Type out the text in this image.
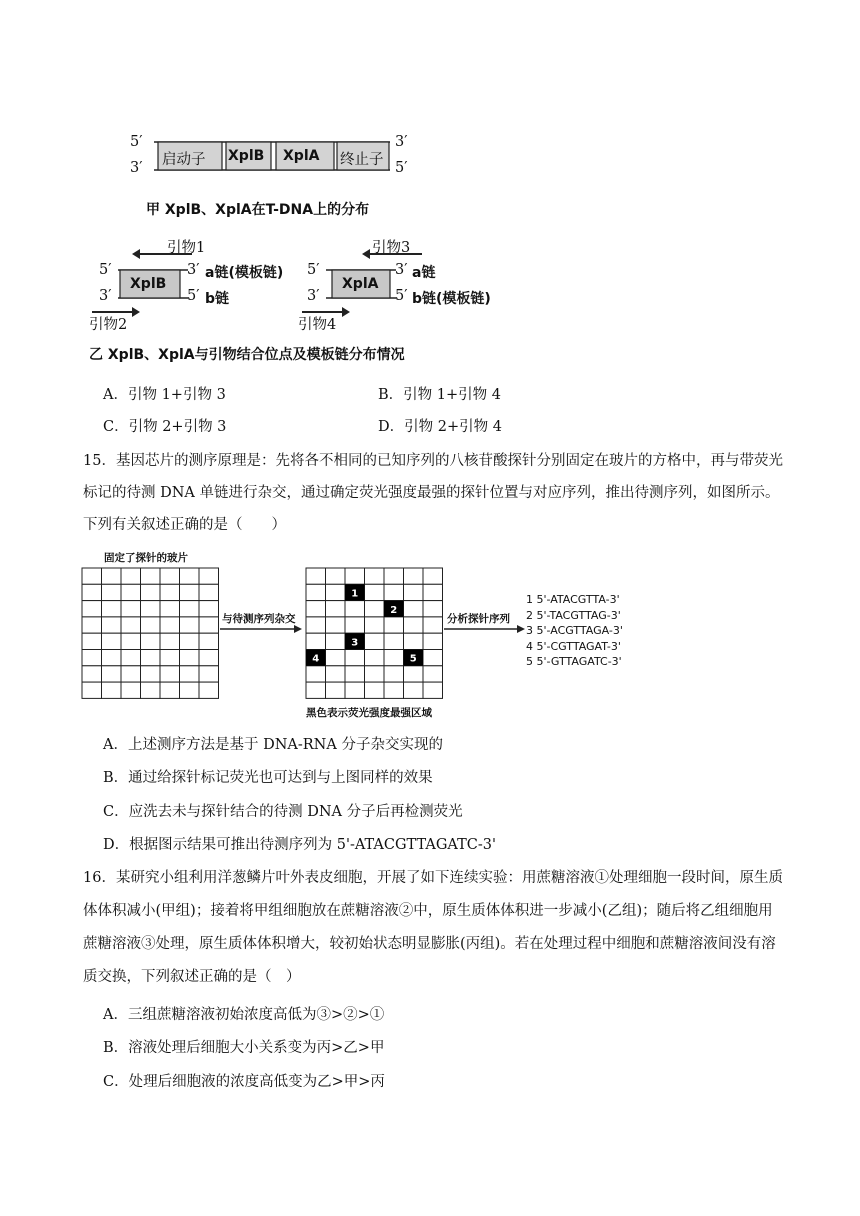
5′	3′
3′	5′
启动子 XplB XplA 终止子
甲 XplB、XplA在T-DNA上的分布
引物1
5′	3′ a链(模板链)
XplB
3′	5′ b链
引物2
引物3
5′	3′ a链
XplA
3′	5′ b链(模板链)
引物4
乙 XplB、XplA与引物结合位点及模板链分布情况
A．引物 1+引物 3	B．引物 1+引物 4
C．引物 2+引物 3	D．引物 2+引物 4
15．基因芯片的测序原理是：先将各不相同的已知序列的八核苷酸探针分别固定在玻片的方格中，再与带荧光标记的待测 DNA 单链进行杂交，通过确定荧光强度最强的探针位置与对应序列，推出待测序列，如图所示。下列有关叙述正确的是（　　）
固定了探针的玻片
1
2
3
4	5
与待测序列杂交	分析探针序列
黑色表示荧光强度最强区域
1 5'-ATACGTTA-3'
2 5'-TACGTTAG-3'
3 5'-ACGTTAGA-3'
4 5'-CGTTAGAT-3'
5 5'-GTTAGATC-3'
A．上述测序方法是基于 DNA-RNA 分子杂交实现的
B．通过给探针标记荧光也可达到与上图同样的效果
C．应洗去未与探针结合的待测 DNA 分子后再检测荧光
D．根据图示结果可推出待测序列为 5'-ATACGTTAGATC-3'
16．某研究小组利用洋葱鳞片叶外表皮细胞，开展了如下连续实验：用蔗糖溶液①处理细胞一段时间，原生质体体积减小(甲组)；接着将甲组细胞放在蔗糖溶液②中，原生质体体积进一步减小(乙组)；随后将乙组细胞用蔗糖溶液③处理，原生质体体积增大，较初始状态明显膨胀(丙组)。若在处理过程中细胞和蔗糖溶液间没有溶质交换，下列叙述正确的是（　）
A．三组蔗糖溶液初始浓度高低为③>②>①
B．溶液处理后细胞大小关系变为丙>乙>甲
C．处理后细胞液的浓度高低变为乙>甲>丙
